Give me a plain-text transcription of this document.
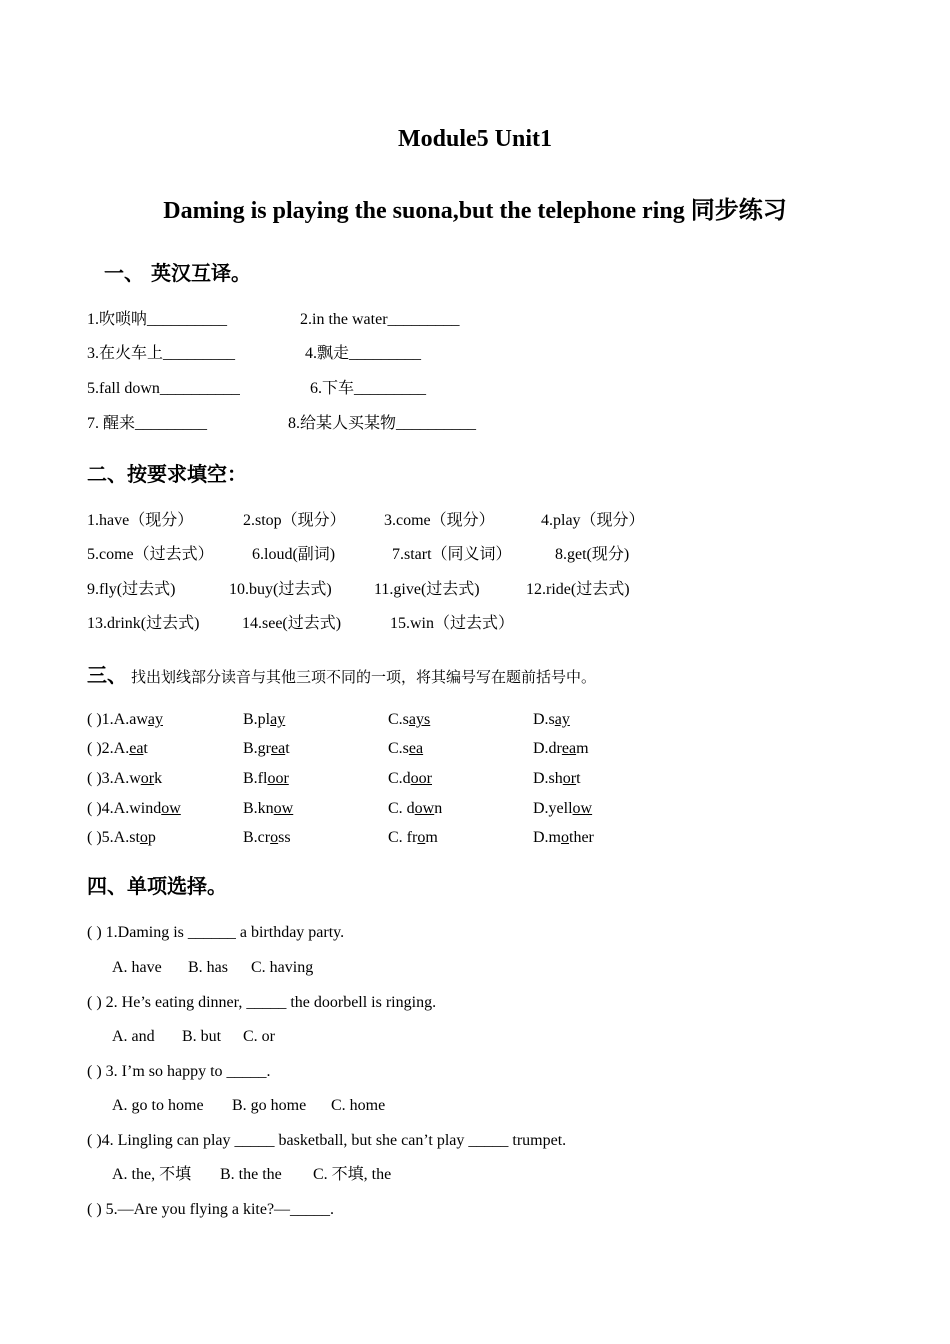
Module5 Unit1
Daming is playing the suona,but the telephone ring 同步练习
一、 英汉互译。
1.吹唢呐__________	2.in the water_________
3.在火车上_________	4.飘走_________
5.fall down__________	6.下车_________
7. 醒来_________	8.给某人买某物__________
二、按要求填空：
1.have（现分）	2.stop（现分） 3.come（现分）	4.play（现分）
5.come（过去式） 6.loud(副词)	7.start（同义词）	8.get(现分)
9.fly(过去式)	10.buy(过去式)	11.give(过去式)	12.ride(过去式)
13.drink(过去式)	14.see(过去式)	15.win（过去式）
三、 找出划线部分读音与其他三项不同的一项，将其编号写在题前括号中。
( )1.A.away	B.play	C.says	D.say
( )2.A.eat	B.great	C.sea	D.dream
( )3.A.work	B.floor	C.door	D.short
( )4.A.window	B.know	C. down	D.yellow
( )5.A.stop	B.cross	C. from	D.mother
四、单项选择。
( ) 1.Daming is ______ a birthday party.
A. have B. has C. having
( ) 2. He’s eating dinner, _____ the doorbell is ringing.
A. and B. but C. or
( ) 3. I’m so happy to _____.
A. go to home B. go home C. home
( )4. Lingling can play _____ basketball, but she can’t play _____ trumpet.
A. the, 不填 B. the the C. 不填, the
( ) 5.—Are you flying a kite?—_____.
